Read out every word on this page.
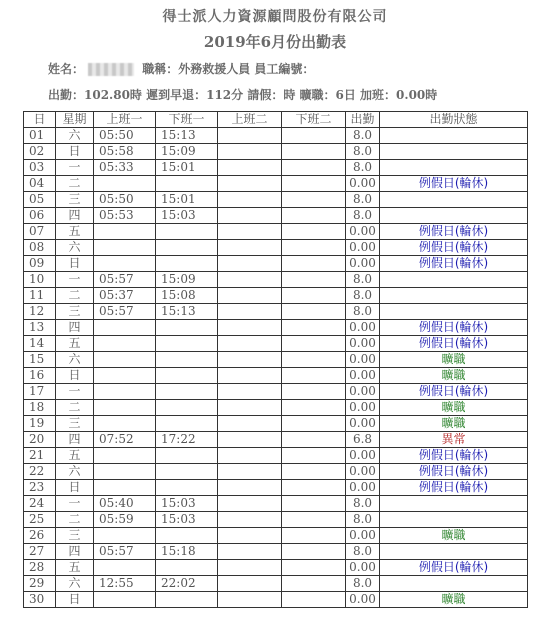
得士派人力資源顧問股份有限公司
2019年6月份出勤表
姓名：	職稱：外務救援人員 員工編號：
出勤：102.80時 遲到早退：112分 請假：時 曠職：6日 加班：0.00時
日	星期	上班一	下班一	上班二	下班二	出勤	出勤狀態
01	六	05:50	15:13			8.0	
02	日	05:58	15:09			8.0	
03	一	05:33	15:01			8.0	
04	二					0.00	例假日(輪休)
05	三	05:50	15:01			8.0	
06	四	05:53	15:03			8.0	
07	五					0.00	例假日(輪休)
08	六					0.00	例假日(輪休)
09	日					0.00	例假日(輪休)
10	一	05:57	15:09			8.0	
11	二	05:37	15:08			8.0	
12	三	05:57	15:13			8.0	
13	四					0.00	例假日(輪休)
14	五					0.00	例假日(輪休)
15	六					0.00	曠職
16	日					0.00	曠職
17	一					0.00	例假日(輪休)
18	二					0.00	曠職
19	三					0.00	曠職
20	四	07:52	17:22			6.8	異常
21	五					0.00	例假日(輪休)
22	六					0.00	例假日(輪休)
23	日					0.00	例假日(輪休)
24	一	05:40	15:03			8.0	
25	二	05:59	15:03			8.0	
26	三					0.00	曠職
27	四	05:57	15:18			8.0	
28	五					0.00	例假日(輪休)
29	六	12:55	22:02			8.0	
30	日					0.00	曠職
